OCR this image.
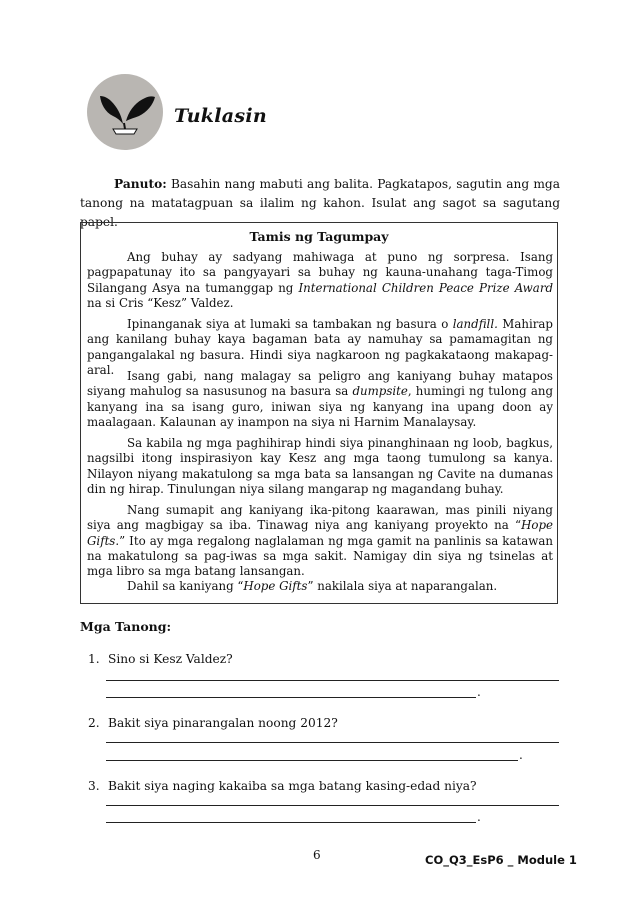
Tuklasin
Panuto: Basahin nang mabuti ang balita. Pagkatapos, sagutin ang mga tanong na matatagpuan sa ilalim ng kahon. Isulat ang sagot sa sagutang papel.
Tamis ng Tagumpay
Ang buhay ay sadyang mahiwaga at puno ng sorpresa. Isang pagpapatunay ito sa pangyayari sa buhay ng kauna-unahang taga-Timog Silangang Asya na tumanggap ng International Children Peace Prize Award na si Cris “Kesz” Valdez.
Ipinanganak siya at lumaki sa tambakan ng basura o landfill. Mahirap ang kanilang buhay kaya bagaman bata ay namuhay sa pamamagitan ng pangangalakal ng basura. Hindi siya nagkaroon ng pagkakataong makapag-aral.	Isang gabi, nang malagay sa peligro ang kaniyang buhay matapos siyang mahulog sa nasusunog na basura sa dumpsite, humingi ng tulong ang kanyang ina sa isang guro, iniwan siya ng kanyang ina upang doon ay maalagaan. Kalaunan ay inampon na siya ni Harnim Manalaysay.
Sa kabila ng mga paghihirap hindi siya pinanghinaan ng loob, bagkus, nagsilbi itong inspirasiyon kay Kesz ang mga taong tumulong sa kanya. Nilayon niyang makatulong sa mga bata sa lansangan ng Cavite na dumanas din ng hirap. Tinulungan niya silang mangarap ng magandang buhay.
Nang sumapit ang kaniyang ika-pitong kaarawan, mas pinili niyang siya ang magbigay sa iba. Tinawag niya ang kaniyang proyekto na “Hope Gifts.” Ito ay mga regalong naglalaman ng mga gamit na panlinis sa katawan na makatulong sa pag-iwas sa mga sakit. Namigay din siya ng tsinelas at mga libro sa mga batang lansangan.
Dahil sa kaniyang “Hope Gifts” nakilala siya at naparangalan.
Mga Tanong:
1. Sino si Kesz Valdez?
.
2. Bakit siya pinarangalan noong 2012?
.
3. Bakit siya naging kakaiba sa mga batang kasing-edad niya?
.
6	CO_Q3_EsP6 _ Module 1
